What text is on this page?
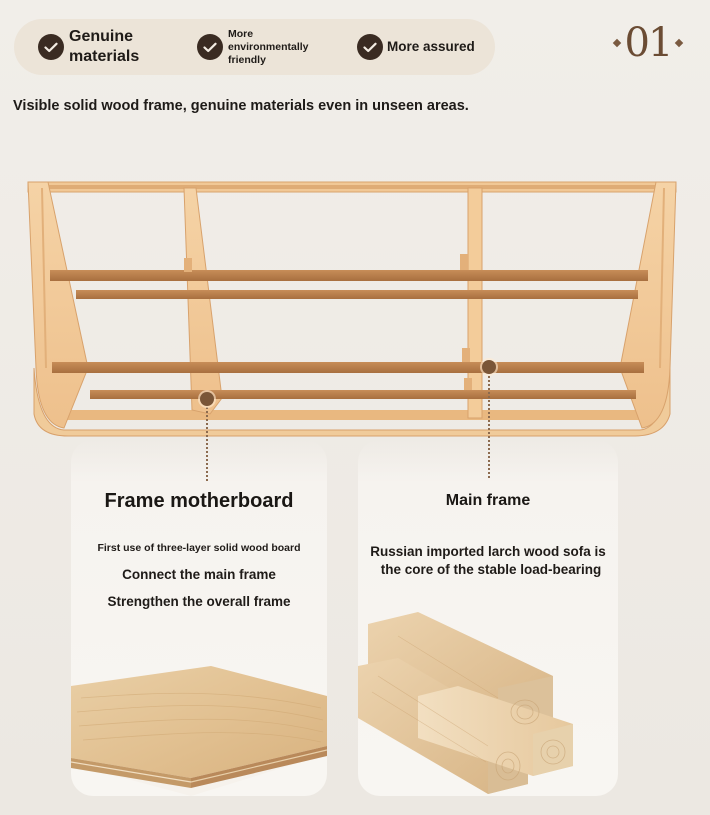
Genuine materials
More environmentally friendly
More assured	01
Visible solid wood frame, genuine materials even in unseen areas.
Frame motherboard
First use of three-layer solid wood board
Connect the main frame
Strengthen the overall frame
Main frame
Russian imported larch wood sofa is
the core of the stable load-bearing
